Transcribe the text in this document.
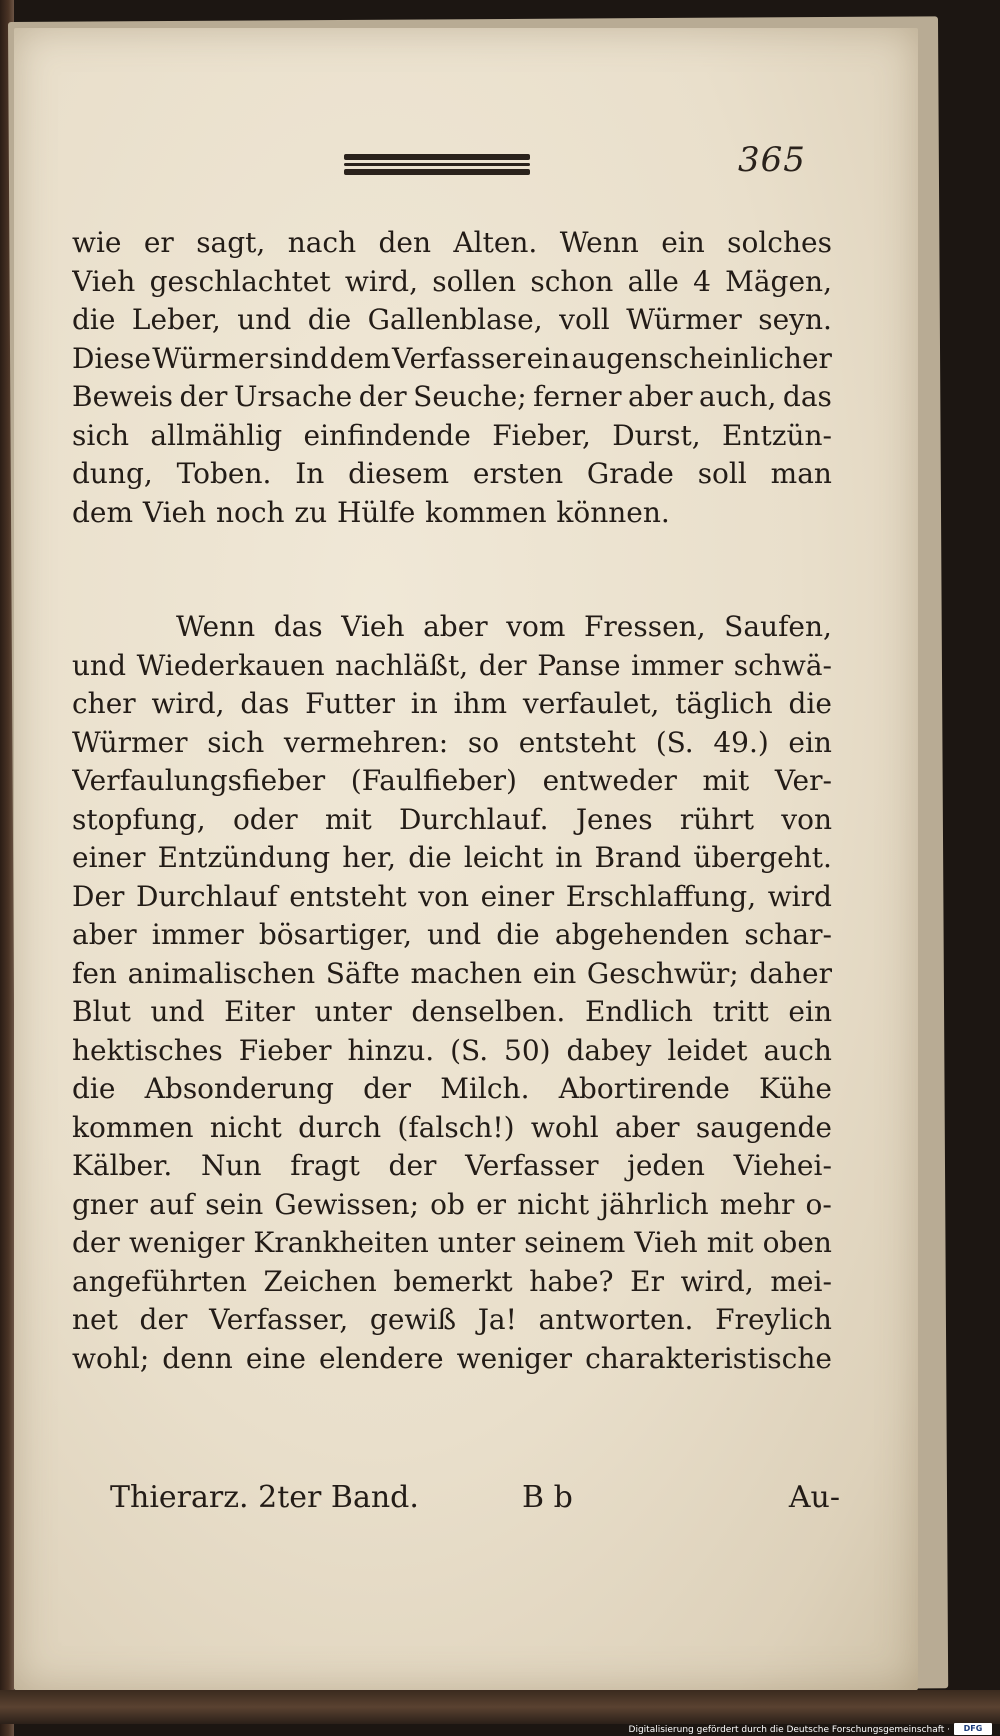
365
wie er sagt, nach den Alten. Wenn ein solches
Vieh geschlachtet wird, sollen schon alle 4 Mägen,
die Leber, und die Gallenblase, voll Würmer seyn.
Diese Würmer sind dem Verfasser ein augenscheinlicher
Beweis der Ursache der Seuche; ferner aber auch, das
sich allmählig einfindende Fieber, Durst, Entzün-
dung, Toben. In diesem ersten Grade soll man
dem Vieh noch zu Hülfe kommen können.
Wenn das Vieh aber vom Fressen, Saufen,
und Wiederkauen nachläßt, der Panse immer schwä-
cher wird, das Futter in ihm verfaulet, täglich die
Würmer sich vermehren: so entsteht (S. 49.) ein
Verfaulungsfieber (Faulfieber) entweder mit Ver-
stopfung, oder mit Durchlauf. Jenes rührt von
einer Entzündung her, die leicht in Brand übergeht.
Der Durchlauf entsteht von einer Erschlaffung, wird
aber immer bösartiger, und die abgehenden schar-
fen animalischen Säfte machen ein Geschwür; daher
Blut und Eiter unter denselben. Endlich tritt ein
hektisches Fieber hinzu. (S. 50) dabey leidet auch
die Absonderung der Milch. Abortirende Kühe
kommen nicht durch (falsch!) wohl aber saugende
Kälber. Nun fragt der Verfasser jeden Viehei-
gner auf sein Gewissen; ob er nicht jährlich mehr o-
der weniger Krankheiten unter seinem Vieh mit oben
angeführten Zeichen bemerkt habe? Er wird, mei-
net der Verfasser, gewiß Ja! antworten. Freylich
wohl; denn eine elendere weniger charakteristische
Thierarz. 2ter Band.	B b	Au-
Digitalisierung gefördert durch die Deutsche Forschungsgemeinschaft ·	DFG
